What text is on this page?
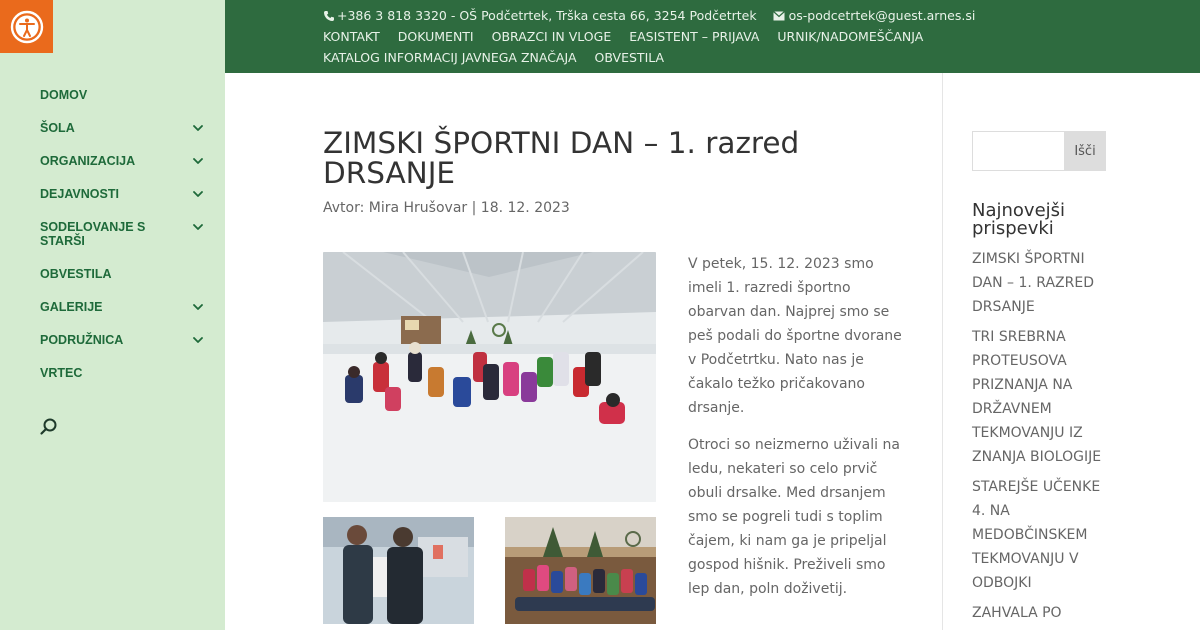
DOMOV
ŠOLA
ORGANIZACIJA
DEJAVNOSTI
SODELOVANJE S STARŠI
OBVESTILA
GALERIJE
PODRUŽNICA
VRTEC
+386 3 818 3320 - OŠ Podčetrtek, Trška cesta 66, 3254 Podčetrtek	os-podcetrtek@guest.arnes.si
KONTAKT DOKUMENTI OBRAZCI IN VLOGE EASISTENT – PRIJAVA URNIK/NADOMEŠČANJA
KATALOG INFORMACIJ JAVNEGA ZNAČAJA OBVESTILA
ZIMSKI ŠPORTNI DAN – 1. razred DRSANJE
Avtor: Mira Hrušovar | 18. 12. 2023

V petek, 15. 12. 2023 smo imeli 1. razredi športno obarvan dan. Najprej smo se peš podali do športne dvorane v Podčetrtku. Nato nas je čakalo težko pričakovano drsanje.

Otroci so neizmerno uživali na ledu, nekateri so celo prvič obuli drsalke. Med drsanjem smo se pogreli tudi s toplim čajem, ki nam ga je pripeljal gospod hišnik. Preživeli smo lep dan, poln doživetij.

Išči
Najnovejši prispevki
ZIMSKI ŠPORTNI DAN – 1. RAZRED DRSANJE
TRI SREBRNA PROTEUSOVA PRIZNANJA NA DRŽAVNEM TEKMOVANJU IZ ZNANJA BIOLOGIJE
STAREJŠE UČENKE 4. NA MEDOBČINSKEM TEKMOVANJU V ODBOJKI
ZAHVALA PO
